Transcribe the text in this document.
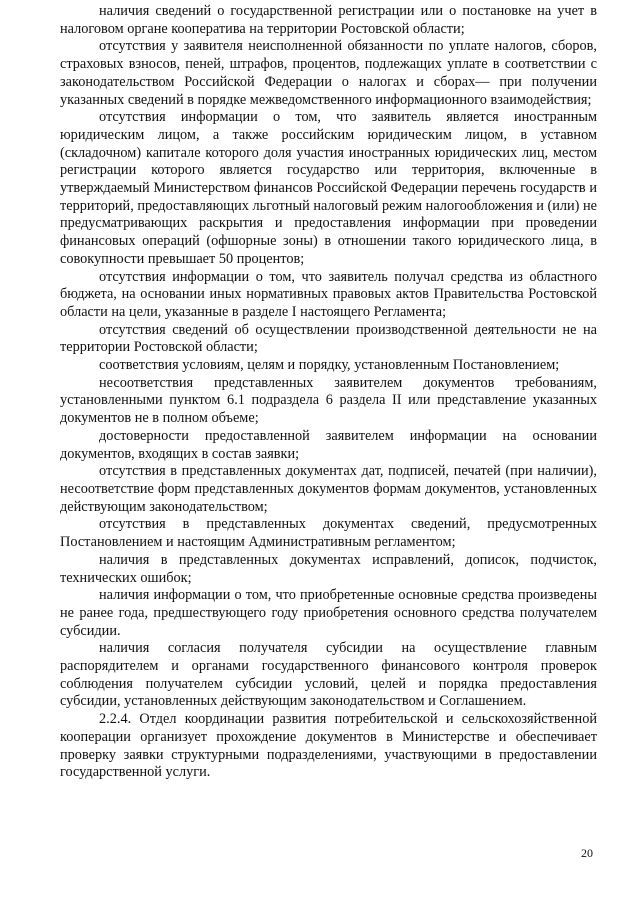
наличия сведений о государственной регистрации или о постановке на учет в налоговом органе кооператива на территории Ростовской области;

отсутствия у заявителя неисполненной обязанности по уплате налогов, сборов, страховых взносов, пеней, штрафов, процентов, подлежащих уплате в соответствии с законодательством Российской Федерации о налогах и сборах— при получении указанных сведений в порядке межведомственного информационного взаимодействия;

отсутствия информации о том, что заявитель является иностранным юридическим лицом, а также российским юридическим лицом, в уставном (складочном) капитале которого доля участия иностранных юридических лиц, местом регистрации которого является государство или территория, включенные в утверждаемый Министерством финансов Российской Федерации перечень государств и территорий, предоставляющих льготный налоговый режим налогообложения и (или) не предусматривающих раскрытия и предоставления информации при проведении финансовых операций (офшорные зоны) в отношении такого юридического лица, в совокупности превышает 50 процентов;

отсутствия информации о том, что заявитель получал средства из областного бюджета, на основании иных нормативных правовых актов Правительства Ростовской области на цели, указанные в разделе I настоящего Регламента;

отсутствия сведений об осуществлении производственной деятельности не на территории Ростовской области;

соответствия условиям, целям и порядку, установленным Постановлением;

несоответствия представленных заявителем документов требованиям, установленными пунктом 6.1 подраздела 6 раздела II или представление указанных документов не в полном объеме;

достоверности предоставленной заявителем информации на основании документов, входящих в состав заявки;

отсутствия в представленных документах дат, подписей, печатей (при наличии), несоответствие форм представленных документов формам документов, установленных действующим законодательством;

отсутствия в представленных документах сведений, предусмотренных Постановлением и настоящим Административным регламентом;

наличия в представленных документах исправлений, дописок, подчисток, технических ошибок;

наличия информации о том, что приобретенные основные средства произведены не ранее года, предшествующего году приобретения основного средства получателем субсидии.

наличия согласия получателя субсидии на осуществление главным распорядителем и органами государственного финансового контроля проверок соблюдения получателем субсидии условий, целей и порядка предоставления субсидии, установленных действующим законодательством и Соглашением.

2.2.4. Отдел координации развития потребительской и сельскохозяйственной кооперации организует прохождение документов в Министерстве и обеспечивает проверку заявки структурными подразделениями, участвующими в предоставлении государственной услуги.

20
